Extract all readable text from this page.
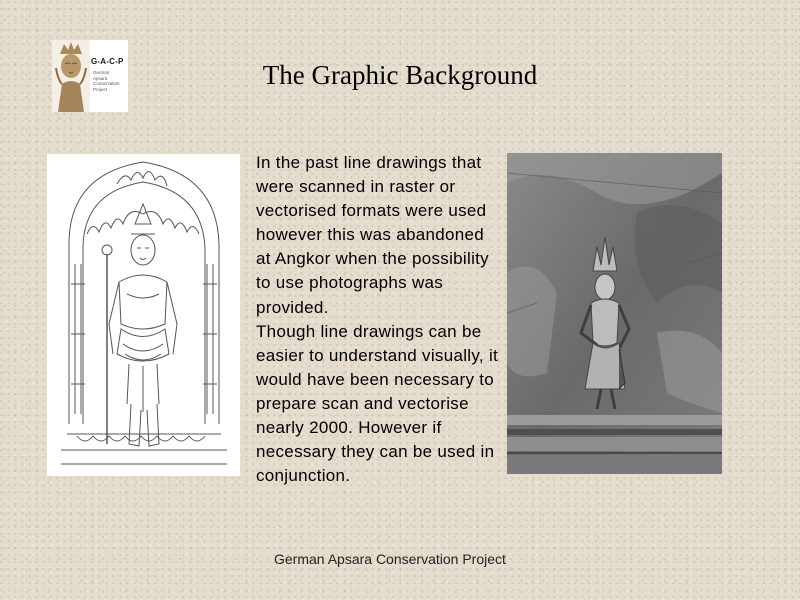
G-A-C-P
German
Apsara
Conservation
Project	The Graphic Background

In the past line drawings that were scanned in raster or vectorised formats were used however this was abandoned at Angkor when the possibility to use photographs was provided.

Though line drawings can be easier to understand visually, it would have been necessary to prepare scan and vectorise nearly 2000. However if necessary they can be used in conjunction.

German Apsara Conservation Project
